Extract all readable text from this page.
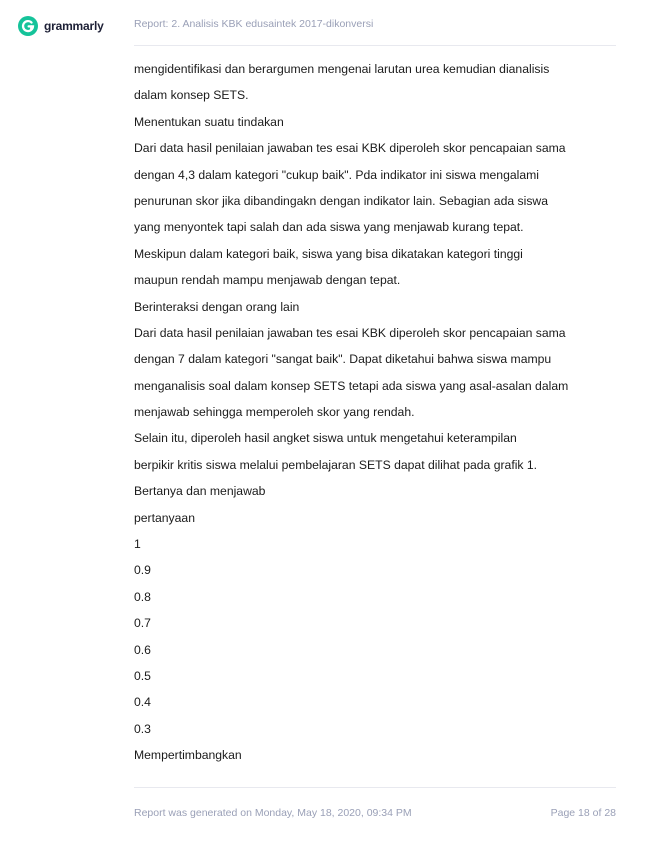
grammarly	Report: 2. Analisis KBK edusaintek 2017-dikonversi
mengidentifikasi dan berargumen mengenai larutan urea kemudian dianalisis
dalam konsep SETS.
Menentukan suatu tindakan
Dari data hasil penilaian jawaban tes esai KBK diperoleh skor pencapaian sama
dengan 4,3 dalam kategori "cukup baik". Pda indikator ini siswa mengalami
penurunan skor jika dibandingakn dengan indikator lain. Sebagian ada siswa
yang menyontek tapi salah dan ada siswa yang menjawab kurang tepat.
Meskipun dalam kategori baik, siswa yang bisa dikatakan kategori tinggi
maupun rendah mampu menjawab dengan tepat.
Berinteraksi dengan orang lain
Dari data hasil penilaian jawaban tes esai KBK diperoleh skor pencapaian sama
dengan 7 dalam kategori "sangat baik". Dapat diketahui bahwa siswa mampu
menganalisis soal dalam konsep SETS tetapi ada siswa yang asal-asalan dalam
menjawab sehingga memperoleh skor yang rendah.
Selain itu, diperoleh hasil angket siswa untuk mengetahui keterampilan
berpikir kritis siswa melalui pembelajaran SETS dapat dilihat pada grafik 1.
Bertanya dan menjawab
pertanyaan
1
0.9
0.8
0.7
0.6
0.5
0.4
0.3
Mempertimbangkan
Report was generated on Monday, May 18, 2020, 09:34 PM	Page 18 of 28
